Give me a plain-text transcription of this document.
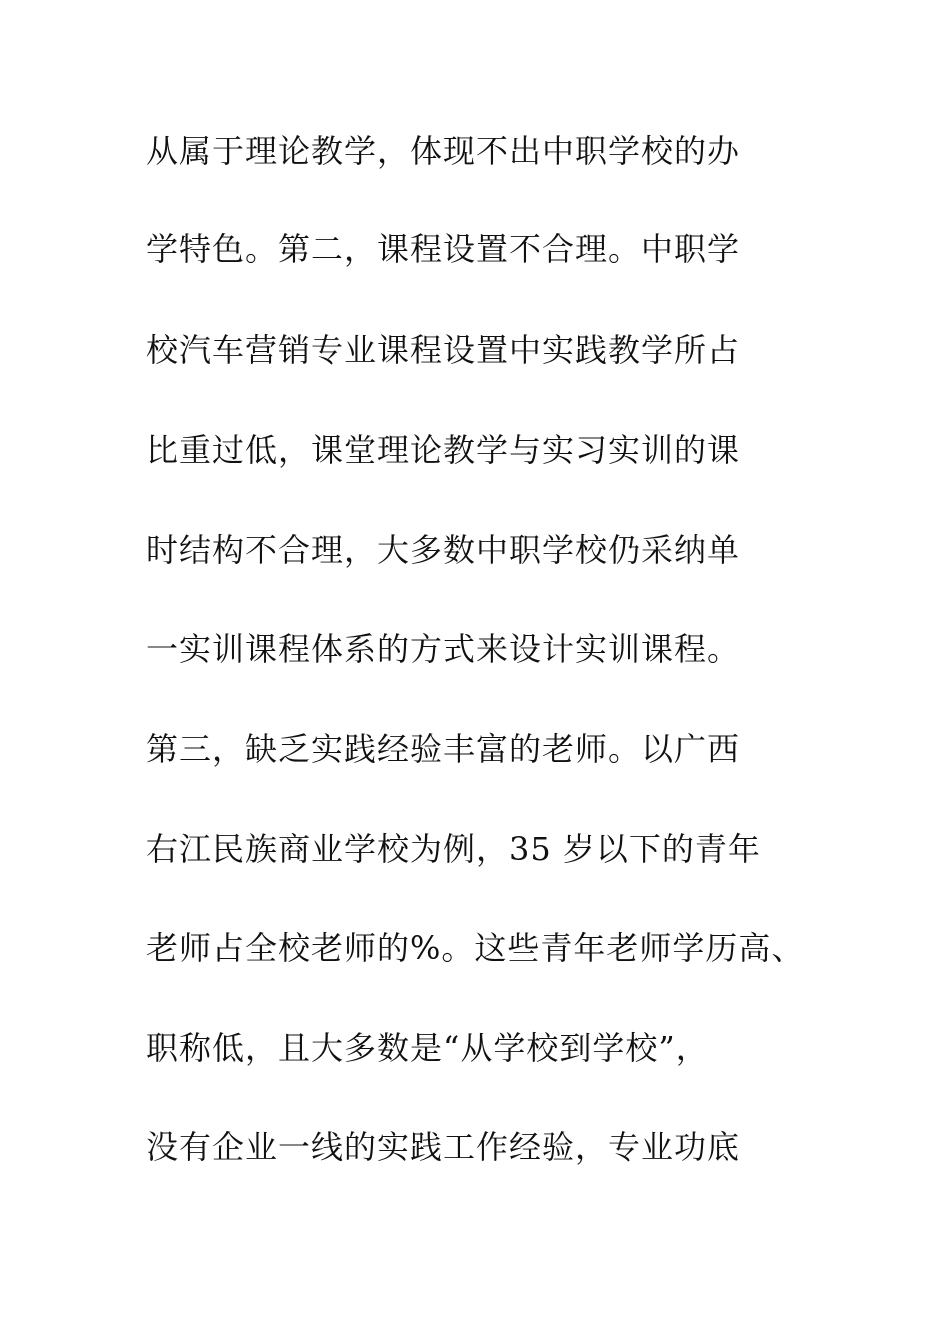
从属于理论教学，体现不出中职学校的办
学特色。第二，课程设置不合理。中职学
校汽车营销专业课程设置中实践教学所占
比重过低，课堂理论教学与实习实训的课
时结构不合理，大多数中职学校仍采纳单
一实训课程体系的方式来设计实训课程。
第三，缺乏实践经验丰富的老师。以广西
右江民族商业学校为例，35 岁以下的青年
老师占全校老师的%。这些青年老师学历高、
职称低，且大多数是“从学校到学校”，
没有企业一线的实践工作经验，专业功底
